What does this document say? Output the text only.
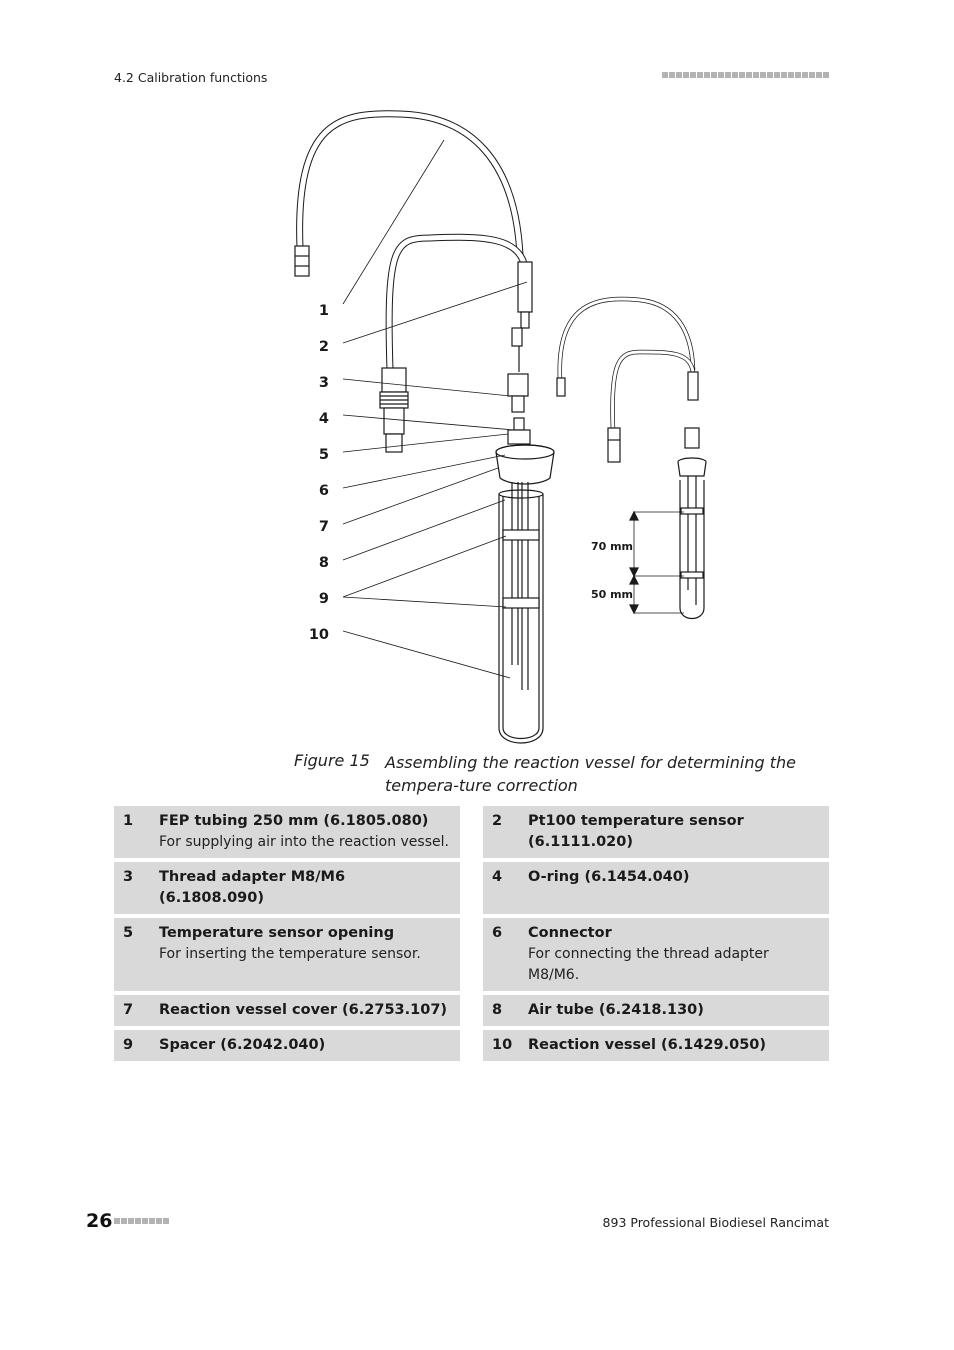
4.2 Calibration functions
1
2
3
4
5
6
7
8
9
10
70 mm
50 mm
Figure 15 Assembling the reaction vessel for determining the tempera-ture correction
1	FEP tubing 250 mm (6.1805.080)
For supplying air into the reaction vessel.
2	Pt100 temperature sensor (6.1111.020)
3	Thread adapter M8/M6 (6.1808.090)
4	O-ring (6.1454.040)
5	Temperature sensor opening
For inserting the temperature sensor.
6	Connector
For connecting the thread adapter M8/M6.
7	Reaction vessel cover (6.2753.107)	8	Air tube (6.2418.130)
9	Spacer (6.2042.040)	10	Reaction vessel (6.1429.050)
26	893 Professional Biodiesel Rancimat
